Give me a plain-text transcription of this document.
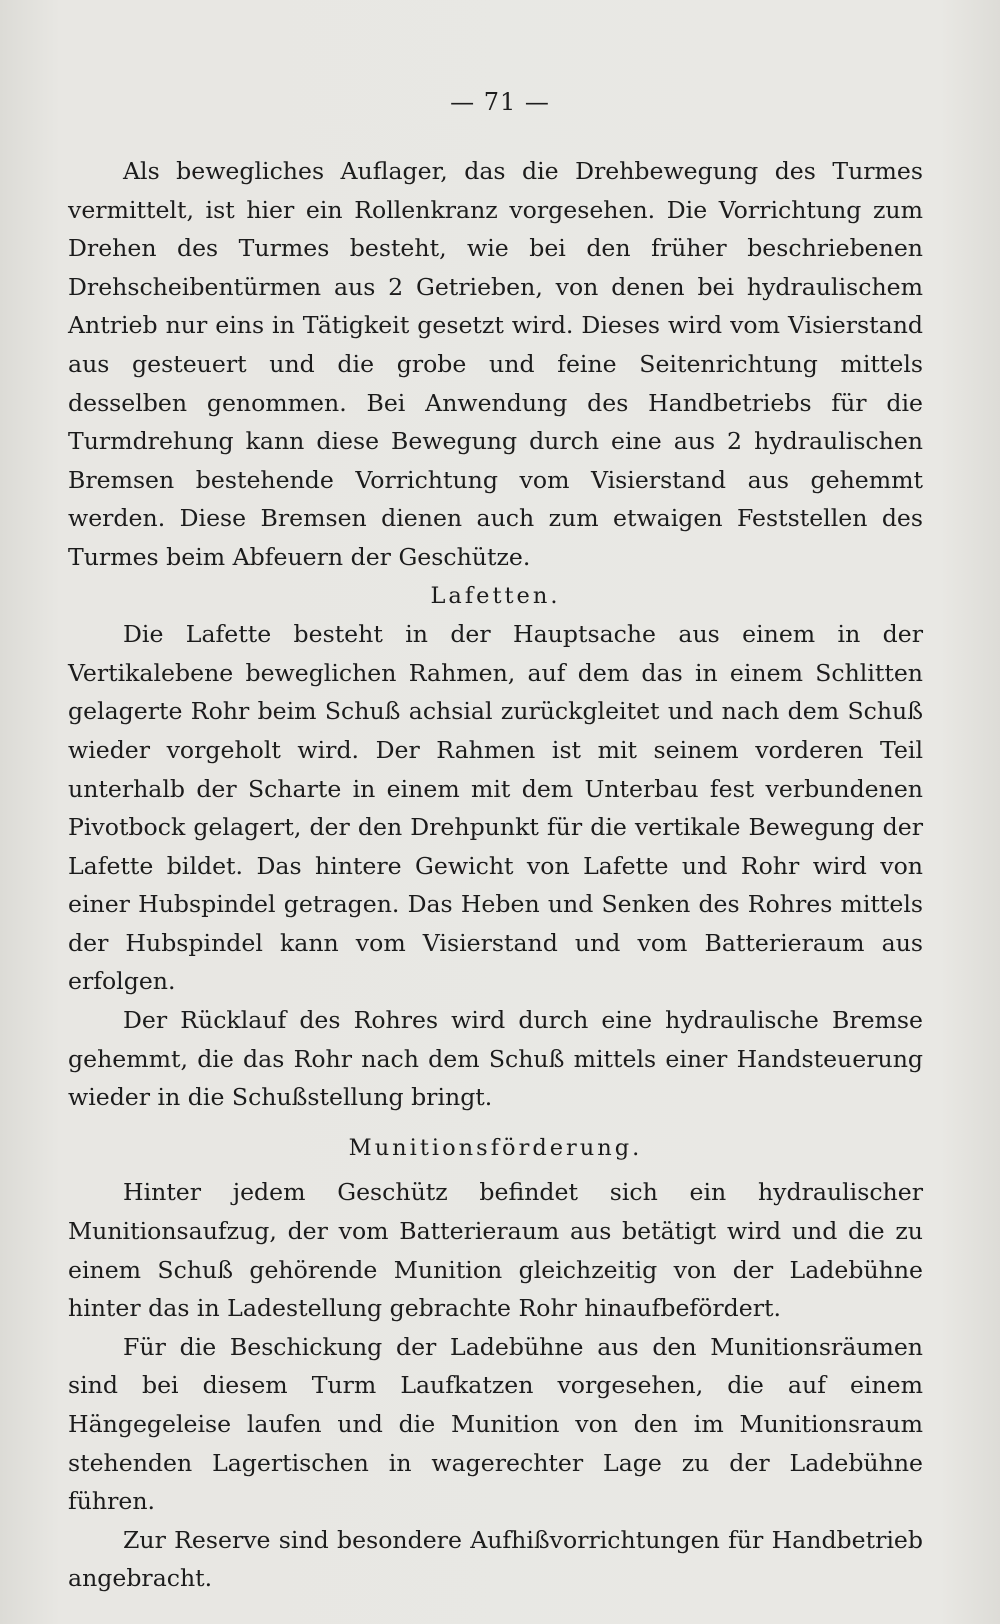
— 71 —

Als bewegliches Auflager, das die Drehbewegung des Turmes vermittelt, ist hier ein Rollenkranz vorgesehen. Die Vorrichtung zum Drehen des Turmes besteht, wie bei den früher beschriebenen Drehscheibentürmen aus 2 Getrieben, von denen bei hydraulischem Antrieb nur eins in Tätigkeit gesetzt wird. Dieses wird vom Visierstand aus gesteuert und die grobe und feine Seitenrichtung mittels desselben genommen. Bei Anwendung des Handbetriebs für die Turmdrehung kann diese Bewegung durch eine aus 2 hydraulischen Bremsen bestehende Vorrichtung vom Visierstand aus gehemmt werden. Diese Bremsen dienen auch zum etwaigen Feststellen des Turmes beim Abfeuern der Geschütze.

Lafetten.

Die Lafette besteht in der Hauptsache aus einem in der Vertikalebene beweglichen Rahmen, auf dem das in einem Schlitten gelagerte Rohr beim Schuß achsial zurückgleitet und nach dem Schuß wieder vorgeholt wird. Der Rahmen ist mit seinem vorderen Teil unterhalb der Scharte in einem mit dem Unterbau fest verbundenen Pivotbock gelagert, der den Drehpunkt für die vertikale Bewegung der Lafette bildet. Das hintere Gewicht von Lafette und Rohr wird von einer Hubspindel getragen. Das Heben und Senken des Rohres mittels der Hubspindel kann vom Visierstand und vom Batterieraum aus erfolgen.

Der Rücklauf des Rohres wird durch eine hydraulische Bremse gehemmt, die das Rohr nach dem Schuß mittels einer Handsteuerung wieder in die Schußstellung bringt.

Munitionsförderung.

Hinter jedem Geschütz befindet sich ein hydraulischer Munitionsaufzug, der vom Batterieraum aus betätigt wird und die zu einem Schuß gehörende Munition gleichzeitig von der Ladebühne hinter das in Ladestellung gebrachte Rohr hinaufbefördert.

Für die Beschickung der Ladebühne aus den Munitionsräumen sind bei diesem Turm Laufkatzen vorgesehen, die auf einem Hängegeleise laufen und die Munition von den im Munitionsraum stehenden Lagertischen in wagerechter Lage zu der Ladebühne führen.

Zur Reserve sind besondere Aufhißvorrichtungen für Handbetrieb angebracht.
